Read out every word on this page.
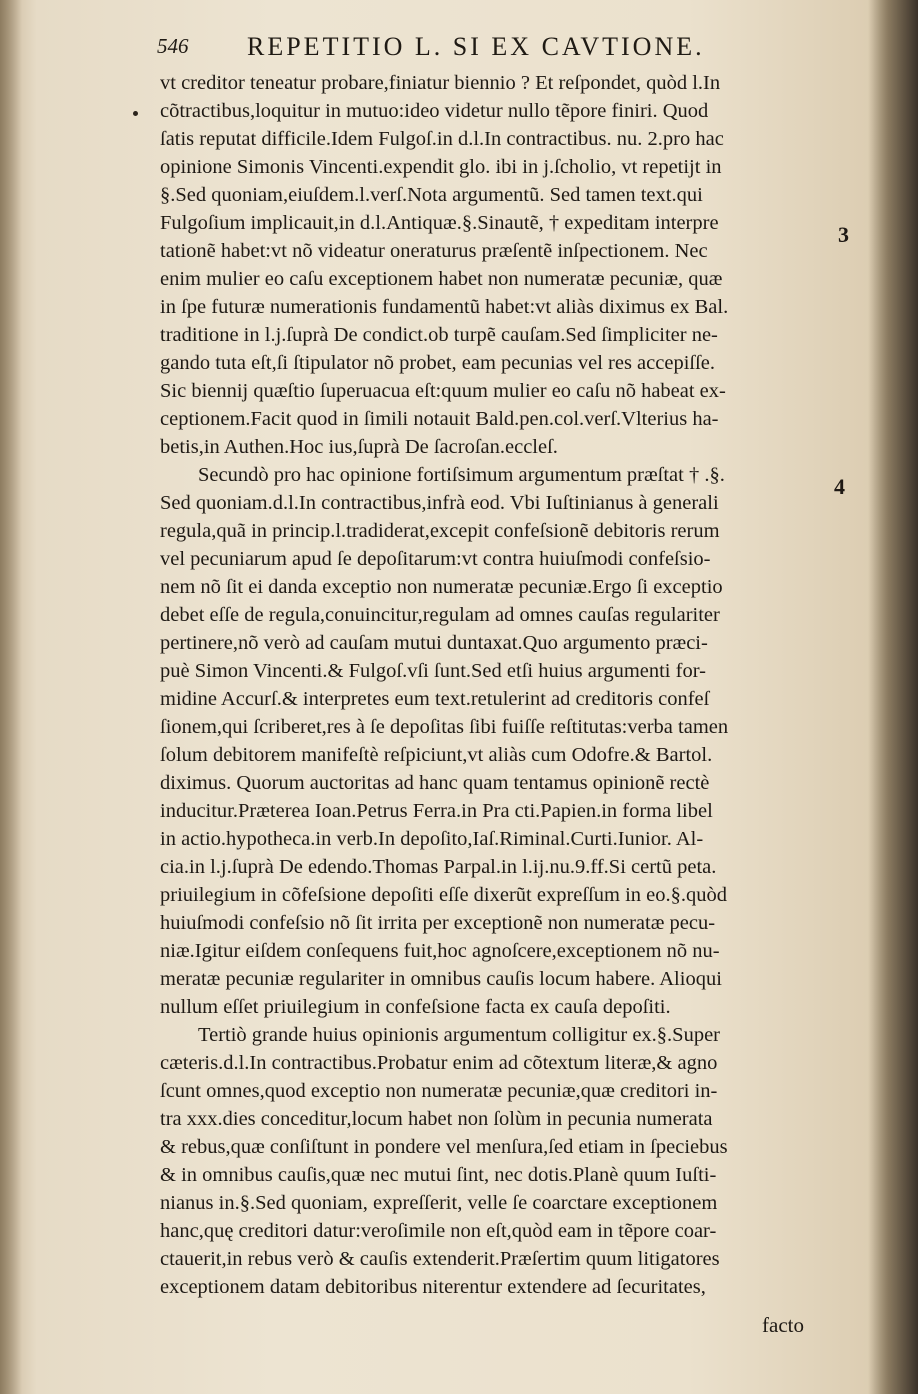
546 REPETITIO L. SI EX CAVTIONE.
3
4
vt creditor teneatur probare,finiatur biennio ? Et reſpondet, quòd l.In
cõtractibus,loquitur in mutuo:ideo videtur nullo tẽpore finiri. Quod
ſatis reputat difficile.Idem Fulgoſ.in d.l.In contractibus. nu. 2.pro hac
opinione Simonis Vincenti.expendit glo. ibi in j.ſcholio, vt repetijt in
§.Sed quoniam,eiuſdem.l.verſ.Nota argumentũ. Sed tamen text.qui
Fulgoſium implicauit,in d.l.Antiquæ.§.Sinautẽ, † expeditam interpre
tationẽ habet:vt nõ videatur oneraturus præſentẽ inſpectionem. Nec
enim mulier eo caſu exceptionem habet non numeratæ pecuniæ, quæ
in ſpe futuræ numerationis fundamentũ habet:vt aliàs diximus ex Bal.
traditione in l.j.ſuprà De condict.ob turpẽ cauſam.Sed ſimpliciter ne-
gando tuta eſt,ſi ſtipulator nõ probet, eam pecunias vel res accepiſſe.
Sic biennij quæſtio ſuperuacua eſt:quum mulier eo caſu nõ habeat ex-
ceptionem.Facit quod in ſimili notauit Bald.pen.col.verſ.Vlterius ha-
betis,in Authen.Hoc ius,ſuprà De ſacroſan.eccleſ.
Secundò pro hac opinione fortiſsimum argumentum præſtat † .§.
Sed quoniam.d.l.In contractibus,infrà eod. Vbi Iuſtinianus à generali
regula,quã in princip.l.tradiderat,excepit confeſsionẽ debitoris rerum
vel pecuniarum apud ſe depoſitarum:vt contra huiuſmodi confeſsio-
nem nõ ſit ei danda exceptio non numeratæ pecuniæ.Ergo ſi exceptio
debet eſſe de regula,conuincitur,regulam ad omnes cauſas regulariter
pertinere,nõ verò ad cauſam mutui duntaxat.Quo argumento præci-
puè Simon Vincenti.& Fulgoſ.vſi ſunt.Sed etſi huius argumenti for-
midine Accurſ.& interpretes eum text.retulerint ad creditoris confeſ
ſionem,qui ſcriberet,res à ſe depoſitas ſibi fuiſſe reſtitutas:verba tamen
ſolum debitorem manifeſtè reſpiciunt,vt aliàs cum Odofre.& Bartol.
diximus. Quorum auctoritas ad hanc quam tentamus opinionẽ rectè
inducitur.Præterea Ioan.Petrus Ferra.in Pra cti.Papien.in forma libel
in actio.hypotheca.in verb.In depoſito,Iaſ.Riminal.Curti.Iunior. Al-
cia.in l.j.ſuprà De edendo.Thomas Parpal.in l.ij.nu.9.ff.Si certũ peta.
priuilegium in cõfeſsione depoſiti eſſe dixerũt expreſſum in eo.§.quòd
huiuſmodi confeſsio nõ ſit irrita per exceptionẽ non numeratæ pecu-
niæ.Igitur eiſdem conſequens fuit,hoc agnoſcere,exceptionem nõ nu-
meratæ pecuniæ regulariter in omnibus cauſis locum habere. Alioqui
nullum eſſet priuilegium in confeſsione facta ex cauſa depoſiti.
Tertiò grande huius opinionis argumentum colligitur ex.§.Super
cæteris.d.l.In contractibus.Probatur enim ad cõtextum literæ,& agno
ſcunt omnes,quod exceptio non numeratæ pecuniæ,quæ creditori in-
tra xxx.dies conceditur,locum habet non ſolùm in pecunia numerata
& rebus,quæ conſiſtunt in pondere vel menſura,ſed etiam in ſpeciebus
& in omnibus cauſis,quæ nec mutui ſint, nec dotis.Planè quum Iuſti-
nianus in.§.Sed quoniam, expreſſerit, velle ſe coarctare exceptionem
hanc,quę creditori datur:veroſimile non eſt,quòd eam in tẽpore coar-
ctauerit,in rebus verò & cauſis extenderit.Præſertim quum litigatores
exceptionem datam debitoribus niterentur extendere ad ſecuritates,
facto
